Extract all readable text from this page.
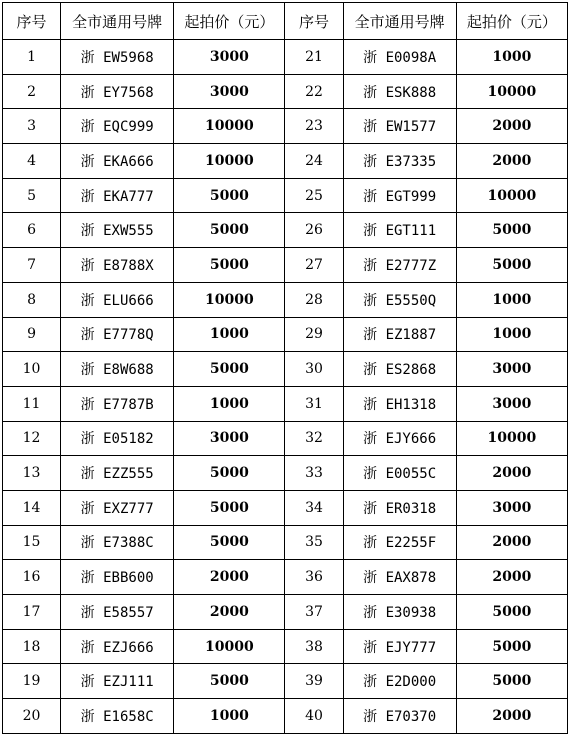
序号	全市通用号牌	起拍价（元）	序号	全市通用号牌	起拍价（元）
1	浙 EW5968	3000	21	浙 E0098A	1000
2	浙 EY7568	3000	22	浙 ESK888	10000
3	浙 EQC999	10000	23	浙 EW1577	2000
4	浙 EKA666	10000	24	浙 E37335	2000
5	浙 EKA777	5000	25	浙 EGT999	10000
6	浙 EXW555	5000	26	浙 EGT111	5000
7	浙 E8788X	5000	27	浙 E2777Z	5000
8	浙 ELU666	10000	28	浙 E5550Q	1000
9	浙 E7778Q	1000	29	浙 EZ1887	1000
10	浙 E8W688	5000	30	浙 ES2868	3000
11	浙 E7787B	1000	31	浙 EH1318	3000
12	浙 E05182	3000	32	浙 EJY666	10000
13	浙 EZZ555	5000	33	浙 E0055C	2000
14	浙 EXZ777	5000	34	浙 ER0318	3000
15	浙 E7388C	5000	35	浙 E2255F	2000
16	浙 EBB600	2000	36	浙 EAX878	2000
17	浙 E58557	2000	37	浙 E30938	5000
18	浙 EZJ666	10000	38	浙 EJY777	5000
19	浙 EZJ111	5000	39	浙 E2D000	5000
20	浙 E1658C	1000	40	浙 E70370	2000
